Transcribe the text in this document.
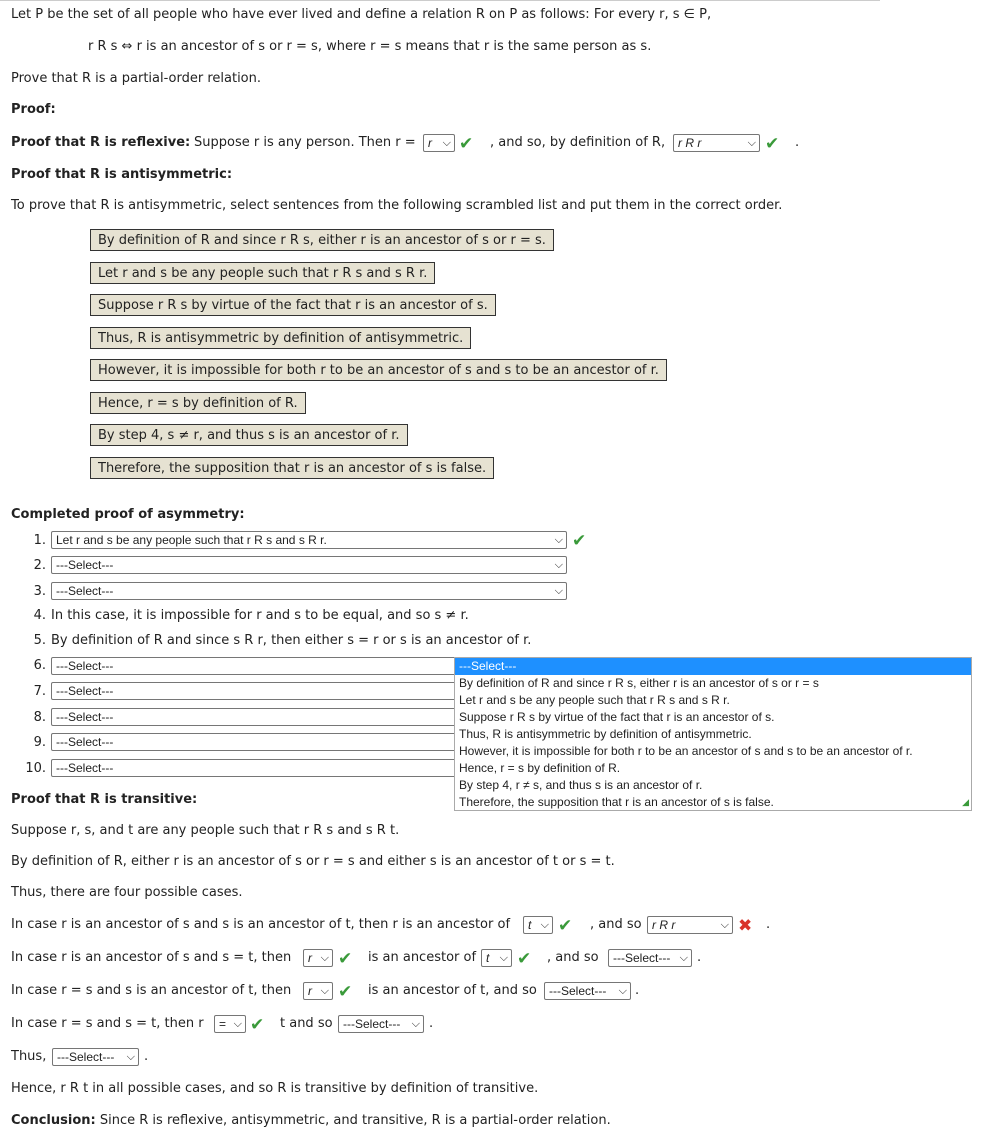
Let P be the set of all people who have ever lived and define a relation R on P as follows: For every r, s ∈ P,
r R s ⇔ r is an ancestor of s or r = s, where r = s means that r is the same person as s.
Prove that R is a partial-order relation.
Proof:
Proof that R is reflexive: Suppose r is any person. Then r =	r ⌵ ✔ , and so, by definition of R,	r R r	⌵ ✔ .
Proof that R is antisymmetric:
To prove that R is antisymmetric, select sentences from the following scrambled list and put them in the correct order.
By definition of R and since r R s, either r is an ancestor of s or r = s.
Let r and s be any people such that r R s and s R r.
Suppose r R s by virtue of the fact that r is an ancestor of s.
Thus, R is antisymmetric by definition of antisymmetric.
However, it is impossible for both r to be an ancestor of s and s to be an ancestor of r.
Hence, r = s by definition of R.
By step 4, s ≠ r, and thus s is an ancestor of r.
Therefore, the supposition that r is an ancestor of s is false.
Completed proof of asymmetry:
1. Let r and s be any people such that r R s and s R r.	⌵ ✔
2. ---Select---	⌵
3. ---Select---	⌵
4. In this case, it is impossible for r and s to be equal, and so s ≠ r.
5. By definition of R and since s R r, then either s = r or s is an ancestor of r.
6. ---Select---
7. ---Select---
8. ---Select---
9. ---Select---
10. ---Select---
Proof that R is transitive:
Suppose r, s, and t are any people such that r R s and s R t.
By definition of R, either r is an ancestor of s or r = s and either s is an ancestor of t or s = t.
Thus, there are four possible cases.
In case r is an ancestor of s and s is an ancestor of t, then r is an ancestor of	t ⌵ ✔ , and so r R r	⌵ ✖ .
In case r is an ancestor of s and s = t, then	r ⌵ ✔ is an ancestor of t ⌵ ✔ , and so	---Select--- ⌵ .
In case r = s and s is an ancestor of t, then	r ⌵ ✔ is an ancestor of t, and so	---Select--- ⌵ .
In case r = s and s = t, then r	= ⌵ ✔ t and so ---Select--- ⌵ .
Thus, ---Select--- ⌵ .
Hence, r R t in all possible cases, and so R is transitive by definition of transitive.
Conclusion: Since R is reflexive, antisymmetric, and transitive, R is a partial-order relation.
---Select---
By definition of R and since r R s, either r is an ancestor of s or r = s
Let r and s be any people such that r R s and s R r.
Suppose r R s by virtue of the fact that r is an ancestor of s.
Thus, R is antisymmetric by definition of antisymmetric.
However, it is impossible for both r to be an ancestor of s and s to be an ancestor of r.
Hence, r = s by definition of R.
By step 4, r ≠ s, and thus s is an ancestor of r.
Therefore, the supposition that r is an ancestor of s is false.	◢
